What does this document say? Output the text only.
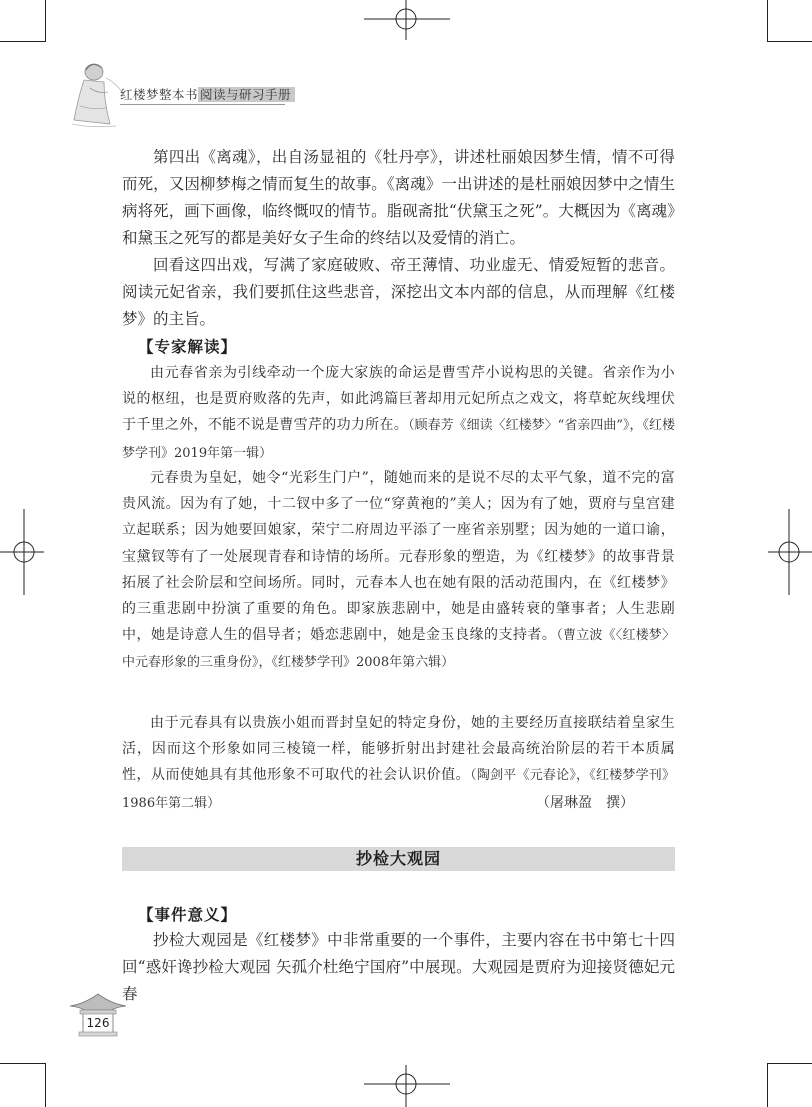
红楼梦整本书 阅读与研习手册
第四出《离魂》，出自汤显祖的《牡丹亭》，讲述杜丽娘因梦生情，情不可得而死，又因柳梦梅之情而复生的故事。《离魂》一出讲述的是杜丽娘因梦中之情生病将死，画下画像，临终慨叹的情节。脂砚斋批“伏黛玉之死”。大概因为《离魂》和黛玉之死写的都是美好女子生命的终结以及爱情的消亡。
回看这四出戏，写满了家庭破败、帝王薄情、功业虚无、情爱短暂的悲音。阅读元妃省亲，我们要抓住这些悲音，深挖出文本内部的信息，从而理解《红楼梦》的主旨。
【专家解读】
由元春省亲为引线牵动一个庞大家族的命运是曹雪芹小说构思的关键。省亲作为小说的枢纽，也是贾府败落的先声，如此鸿篇巨著却用元妃所点之戏文，将草蛇灰线埋伏于千里之外，不能不说是曹雪芹的功力所在。（顾春芳《细读〈红楼梦〉“省亲四曲”》，《红楼梦学刊》2019年第一辑）
元春贵为皇妃，她令“光彩生门户”，随她而来的是说不尽的太平气象，道不完的富贵风流。因为有了她，十二钗中多了一位“穿黄袍的”美人；因为有了她，贾府与皇宫建立起联系；因为她要回娘家，荣宁二府周边平添了一座省亲别墅；因为她的一道口谕，宝黛钗等有了一处展现青春和诗情的场所。元春形象的塑造，为《红楼梦》的故事背景拓展了社会阶层和空间场所。同时，元春本人也在她有限的活动范围内，在《红楼梦》的三重悲剧中扮演了重要的角色。即家族悲剧中，她是由盛转衰的肇事者；人生悲剧中，她是诗意人生的倡导者；婚恋悲剧中，她是金玉良缘的支持者。（曹立波《〈红楼梦〉中元春形象的三重身份》，《红楼梦学刊》2008年第六辑）
由于元春具有以贵族小姐而晋封皇妃的特定身份，她的主要经历直接联结着皇家生活，因而这个形象如同三棱镜一样，能够折射出封建社会最高统治阶层的若干本质属性，从而使她具有其他形象不可取代的社会认识价值。（陶剑平《元春论》，《红楼梦学刊》1986年第二辑）	（屠琳盈　撰）
抄检大观园
【事件意义】
抄检大观园是《红楼梦》中非常重要的一个事件，主要内容在书中第七十四回“惑奸谗抄检大观园 矢孤介杜绝宁国府”中展现。大观园是贾府为迎接贤德妃元春
126
